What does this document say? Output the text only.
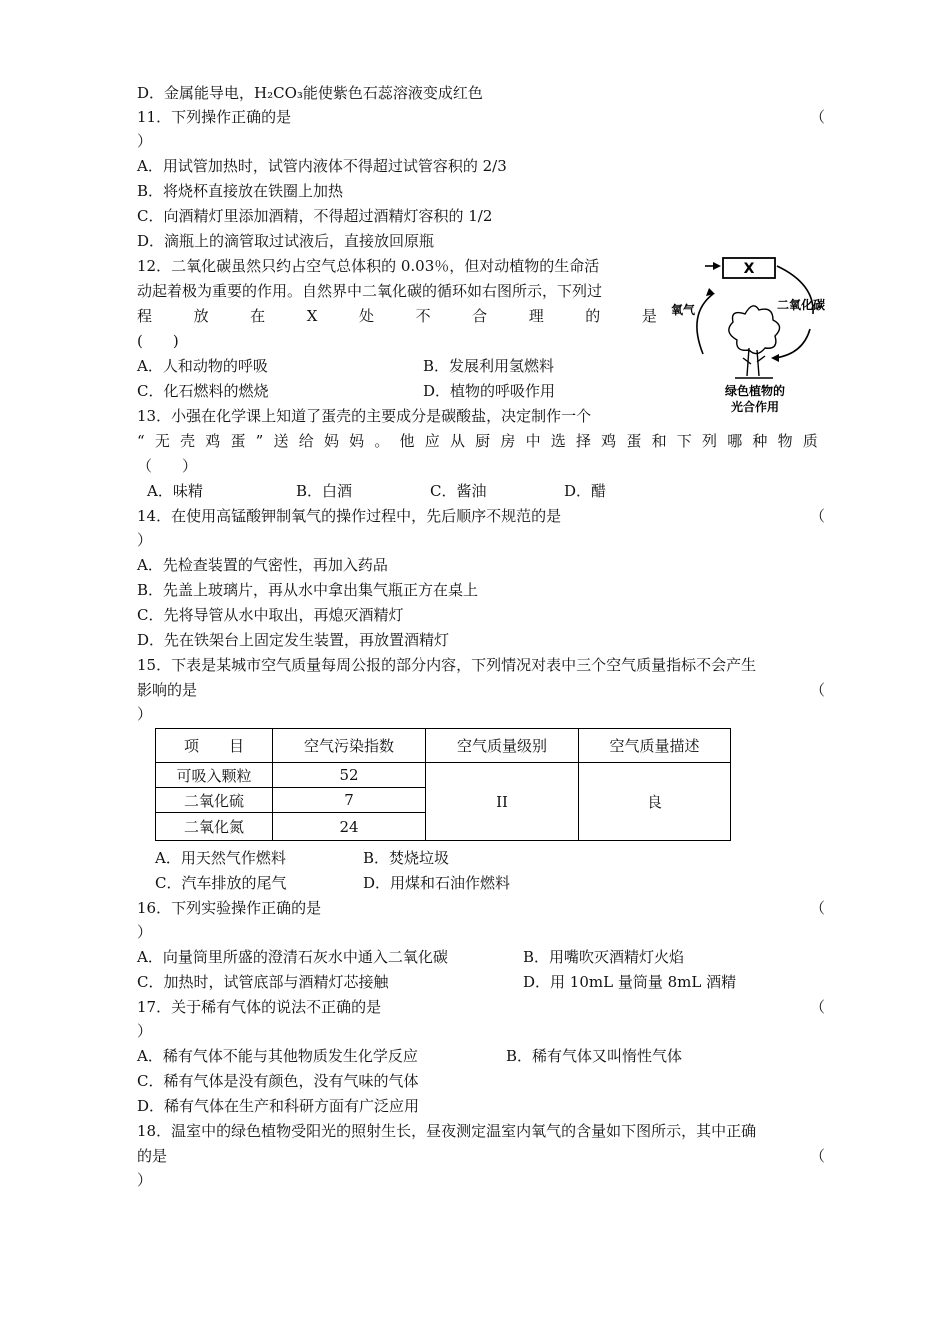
D．金属能导电，H₂CO₃能使紫色石蕊溶液变成红色
11．下列操作正确的是	（
）
A．用试管加热时，试管内液体不得超过试管容积的 2/3
B．将烧杯直接放在铁圈上加热
C．向酒精灯里添加酒精，不得超过酒精灯容积的 1/2
D．滴瓶上的滴管取过试液后，直接放回原瓶
12．二氧化碳虽然只约占空气总体积的 0.03％，但对动植物的生命活
动起着极为重要的作用。自然界中二氧化碳的循环如右图所示，下列过
程	放	在	X	处	不	合	理	的	是
(　　)
A．人和动物的呼吸	B．发展利用氢燃料
C．化石燃料的燃烧	D．植物的呼吸作用
X
氧气	二氧化碳
绿色植物的
光合作用
13．小强在化学课上知道了蛋壳的主要成分是碳酸盐，决定制作一个
“ 无 壳 鸡 蛋 ” 送 给 妈 妈 。 他 应 从 厨 房 中 选 择 鸡 蛋 和 下 列 哪 种 物 质
（　　）
A．味精	B．白酒	C．酱油	D．醋
14．在使用高锰酸钾制氧气的操作过程中，先后顺序不规范的是	（
）
A．先检查装置的气密性，再加入药品
B．先盖上玻璃片，再从水中拿出集气瓶正方在桌上
C．先将导管从水中取出，再熄灭酒精灯
D．先在铁架台上固定发生装置，再放置酒精灯
15．下表是某城市空气质量每周公报的部分内容，下列情况对表中三个空气质量指标不会产生
影响的是	（
）
项　　目	空气污染指数	空气质量级别	空气质量描述
可吸入颗粒	52	II	良
二氧化硫	7		
二氧化氮	24		
A．用天然气作燃料	B．焚烧垃圾
C．汽车排放的尾气	D．用煤和石油作燃料
16．下列实验操作正确的是	（
）
A．向量筒里所盛的澄清石灰水中通入二氧化碳	B．用嘴吹灭酒精灯火焰
C．加热时，试管底部与酒精灯芯接触	D．用 10mL 量筒量 8mL 酒精
17．关于稀有气体的说法不正确的是	（
）
A．稀有气体不能与其他物质发生化学反应	B．稀有气体又叫惰性气体
C．稀有气体是没有颜色，没有气味的气体
D．稀有气体在生产和科研方面有广泛应用
18．温室中的绿色植物受阳光的照射生长，昼夜测定温室内氧气的含量如下图所示，其中正确
的是	（
）
